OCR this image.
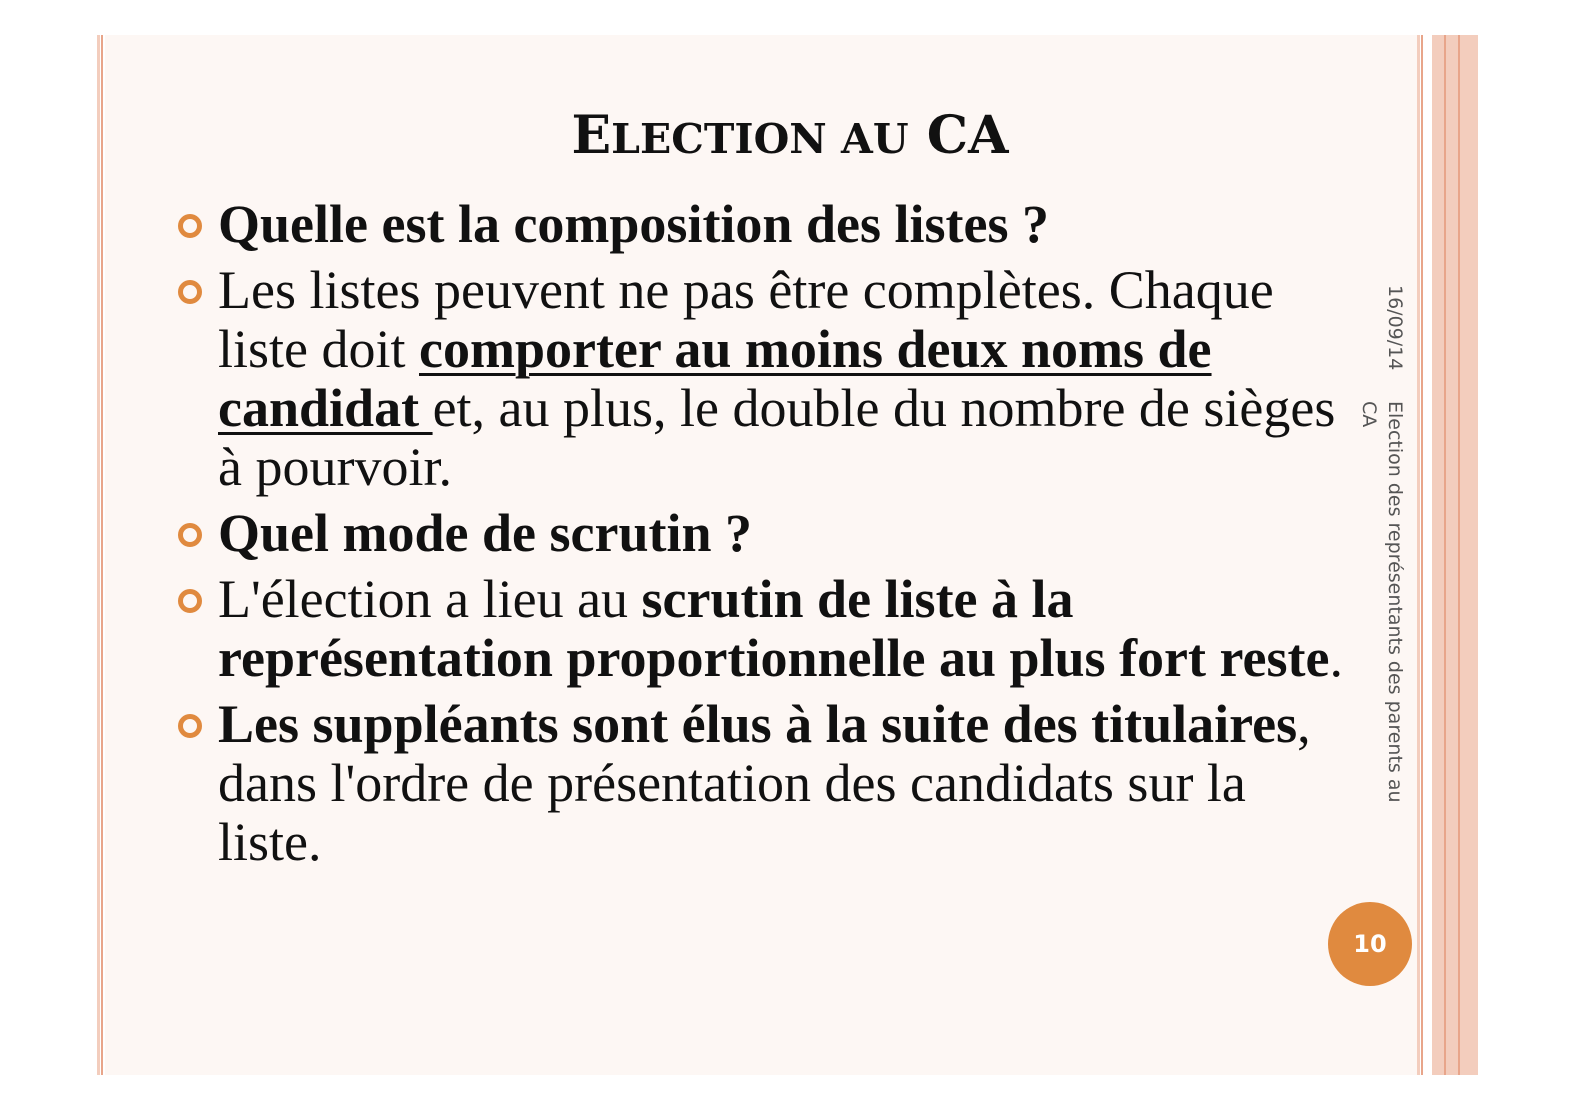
ELECTION AU CA
Quelle est la composition des listes ?
Les listes peuvent ne pas être complètes. Chaque liste doit comporter au moins deux noms de candidat et, au plus, le double du nombre de sièges à pourvoir.
Quel mode de scrutin ?
L'élection a lieu au scrutin de liste à la représentation proportionnelle au plus fort reste.
Les suppléants sont élus à la suite des titulaires, dans l'ordre de présentation des candidats sur la liste.
16/09/14
Election des représentants des parents au
CA
10
